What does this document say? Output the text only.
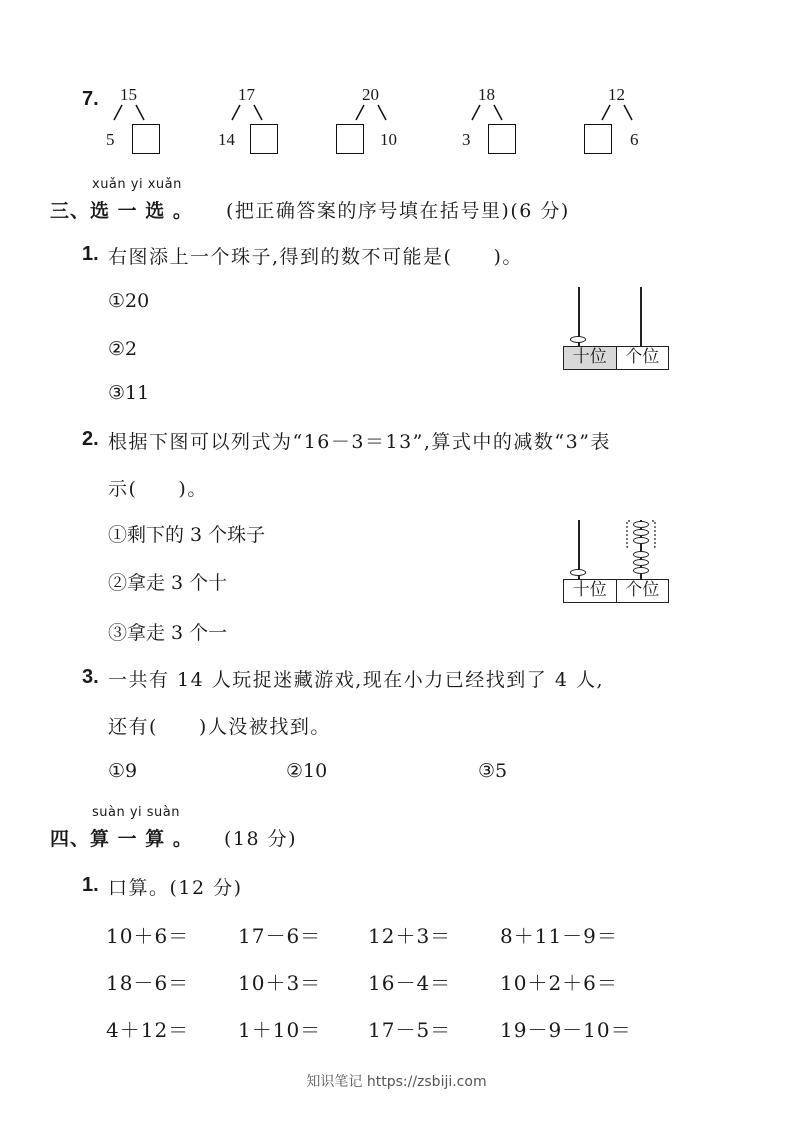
7. 15
5
17
14
20
10
18
3
12
6
xuǎn yi xuǎn
三、选 一 选 。 (把正确答案的序号填在括号里)(6 分)
1. 右图添上一个珠子,得到的数不可能是(　　)。
①20
②2
③11
十位	个位
2. 根据下图可以列式为“16－3＝13”,算式中的减数“3”表
示(　　)。
①剩下的 3 个珠子
②拿走 3 个十
③拿走 3 个一
十位	个位
3. 一共有 14 人玩捉迷藏游戏,现在小力已经找到了 4 人,
还有(　　)人没被找到。
①9	②10	③5
suàn yi suàn
四、算 一 算 。 (18 分)
1. 口算。(12 分)
10＋6＝ 17－6＝ 12＋3＝ 8＋11－9＝
18－6＝ 10＋3＝ 16－4＝ 10＋2＋6＝
4＋12＝ 1＋10＝ 17－5＝ 19－9－10＝
知识笔记 https://zsbiji.com
